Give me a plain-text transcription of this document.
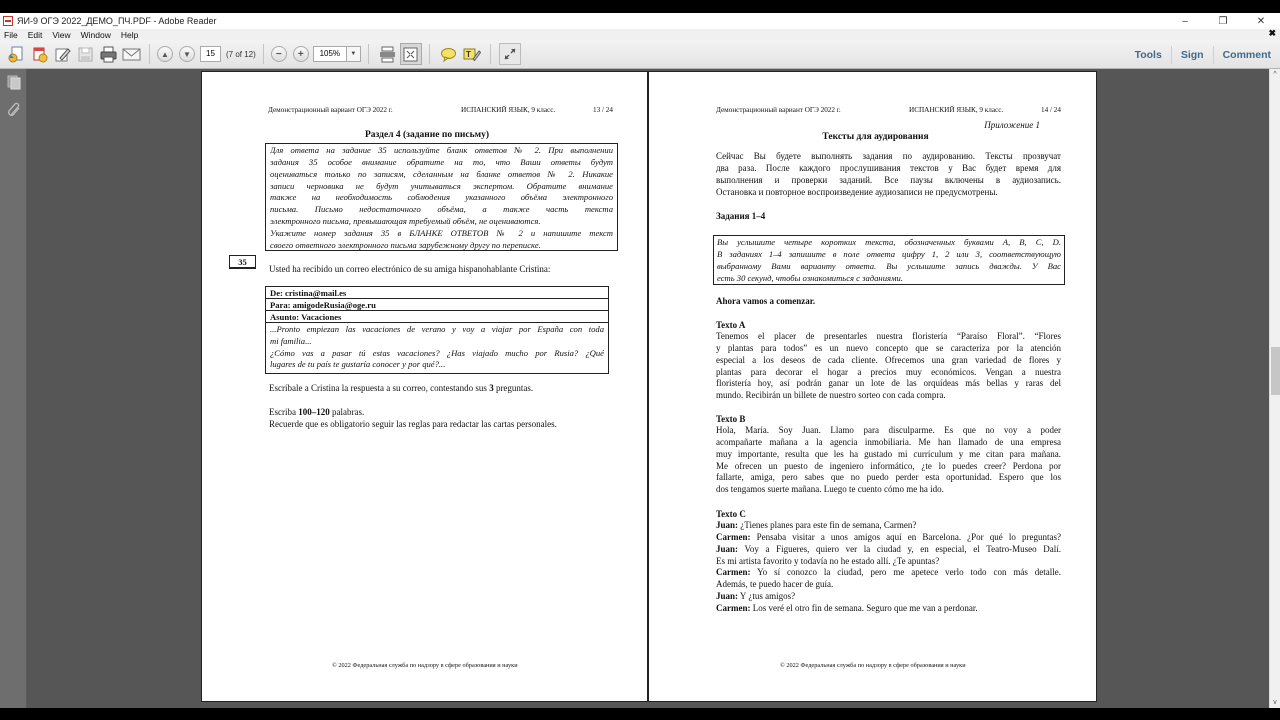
ЯИ-9 ОГЭ 2022_ДЕМО_ПЧ.PDF - Adobe Reader	–	❐	✕
File	Edit	View	Window	Help	✖
▲ ▼	15	(7 of 12) − +	105%	▼	T	Tools	Sign	Comment
^
v
Демонстрационный вариант ОГЭ 2022 г.	ИСПАНСКИЙ ЯЗЫК, 9 класс.	13 / 24
Раздел 4 (задание по письму)
Для ответа на задание 35 используйте бланк ответов № 2. При выполнении
задания 35 особое внимание обратите на то, что Ваши ответы будут
оцениваться только по записям, сделанным на бланке ответов № 2. Никакие
записи черновика не будут учитываться экспертом. Обратите внимание
также на необходимость соблюдения указанного объёма электронного
письма. Письмо недостаточного объёма, а также часть текста
электронного письма, превышающая требуемый объём, не оцениваются.
Укажите номер задания 35 в БЛАНКЕ ОТВЕТОВ № 2 и напишите текст
своего ответного электронного письма зарубежному другу по переписке.
35
Usted ha recibido un correo electrónico de su amiga hispanohablante Cristina:
De: cristina@mail.es
Para: amigodeRusia@oge.ru
Asunto: Vacaciones
...Pronto empiezan las vacaciones de verano y voy a viajar por España con toda
mi familia...
¿Cómo vas a pasar tú estas vacaciones? ¿Has viajado mucho por Rusia? ¿Qué
lugares de tu país te gustaría conocer y por qué?...
Escríbale a Cristina la respuesta a su correo, contestando sus 3 preguntas.
Escriba 100–120 palabras.
Recuerde que es obligatorio seguir las reglas para redactar las cartas personales.
© 2022 Федеральная служба по надзору в сфере образования и науки
Демонстрационный вариант ОГЭ 2022 г.	ИСПАНСКИЙ ЯЗЫК, 9 класс.	14 / 24
Приложение 1
Тексты для аудирования
Сейчас Вы будете выполнять задания по аудированию. Тексты прозвучат
два раза. После каждого прослушивания текстов у Вас будет время для
выполнения и проверки заданий. Все паузы включены в аудиозапись.
Остановка и повторное воспроизведение аудиозаписи не предусмотрены.
Задания 1–4
Вы услышите четыре коротких текста, обозначенных буквами A, B, C, D.
В заданиях 1–4 запишите в поле ответа цифру 1, 2 или 3, соответствующую
выбранному Вами варианту ответа. Вы услышите запись дважды. У Вас
есть 30 секунд, чтобы ознакомиться с заданиями.
Ahora vamos a comenzar.
Texto A
Tenemos el placer de presentarles nuestra floristería “Paraíso Floral”. “Flores
y plantas para todos” es un nuevo concepto que se caracteriza por la atención
especial a los deseos de cada cliente. Ofrecemos una gran variedad de flores y
plantas para decorar el hogar a precios muy económicos. Vengan a nuestra
floristería hoy, así podrán ganar un lote de las orquídeas más bellas y raras del
mundo. Recibirán un billete de nuestro sorteo con cada compra.
Texto B
Hola, María. Soy Juan. Llamo para disculparme. Es que no voy a poder
acompañarte mañana a la agencia inmobiliaria. Me han llamado de una empresa
muy importante, resulta que les ha gustado mi currículum y me citan para mañana.
Me ofrecen un puesto de ingeniero informático, ¿te lo puedes creer? Perdona por
fallarte, amiga, pero sabes que no puedo perder esta oportunidad. Espero que los
dos tengamos suerte mañana. Luego te cuento cómo me ha ido.
Texto C
Juan: ¿Tienes planes para este fin de semana, Carmen?
Carmen: Pensaba visitar a unos amigos aquí en Barcelona. ¿Por qué lo preguntas?
Juan: Voy a Figueres, quiero ver la ciudad y, en especial, el Teatro-Museo Dalí.
Es mi artista favorito y todavía no he estado allí. ¿Te apuntas?
Carmen: Yo sí conozco la ciudad, pero me apetece verlo todo con más detalle.
Además, te puedo hacer de guía.
Juan: Y ¿tus amigos?
Carmen: Los veré el otro fin de semana. Seguro que me van a perdonar.
© 2022 Федеральная служба по надзору в сфере образования и науки
